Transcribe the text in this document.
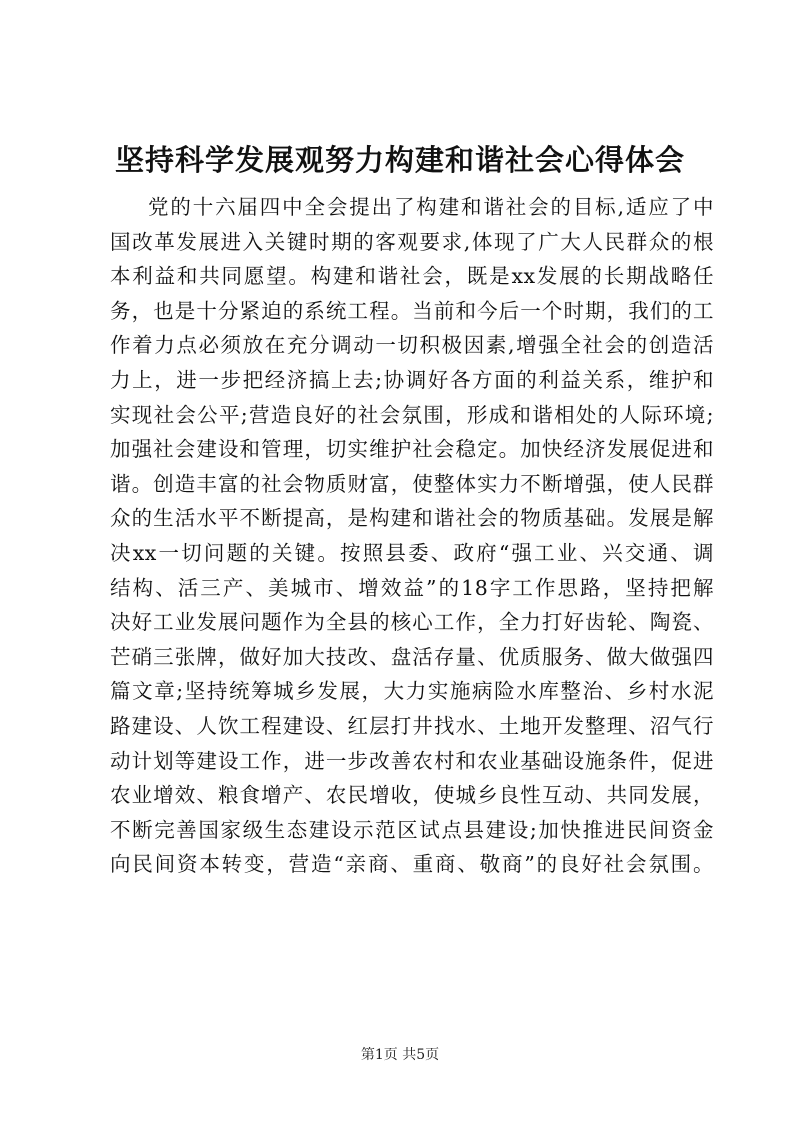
坚持科学发展观努力构建和谐社会心得体会
党的十六届四中全会提出了构建和谐社会的目标,适应了中
国改革发展进入关键时期的客观要求,体现了广大人民群众的根
本利益和共同愿望。构建和谐社会，既是xx发展的长期战略任
务，也是十分紧迫的系统工程。当前和今后一个时期，我们的工
作着力点必须放在充分调动一切积极因素,增强全社会的创造活
力上，进一步把经济搞上去;协调好各方面的利益关系，维护和
实现社会公平;营造良好的社会氛围，形成和谐相处的人际环境;
加强社会建设和管理，切实维护社会稳定。加快经济发展促进和
谐。创造丰富的社会物质财富，使整体实力不断增强，使人民群
众的生活水平不断提高，是构建和谐社会的物质基础。发展是解
决xx一切问题的关键。按照县委、政府“强工业、兴交通、调
结构、活三产、美城市、增效益”的18字工作思路，坚持把解
决好工业发展问题作为全县的核心工作，全力打好齿轮、陶瓷、
芒硝三张牌，做好加大技改、盘活存量、优质服务、做大做强四
篇文章;坚持统筹城乡发展，大力实施病险水库整治、乡村水泥
路建设、人饮工程建设、红层打井找水、土地开发整理、沼气行
动计划等建设工作，进一步改善农村和农业基础设施条件，促进
农业增效、粮食增产、农民增收，使城乡良性互动、共同发展，
不断完善国家级生态建设示范区试点县建设;加快推进民间资金
向民间资本转变，营造“亲商、重商、敬商”的良好社会氛围。
第1页 共5页
